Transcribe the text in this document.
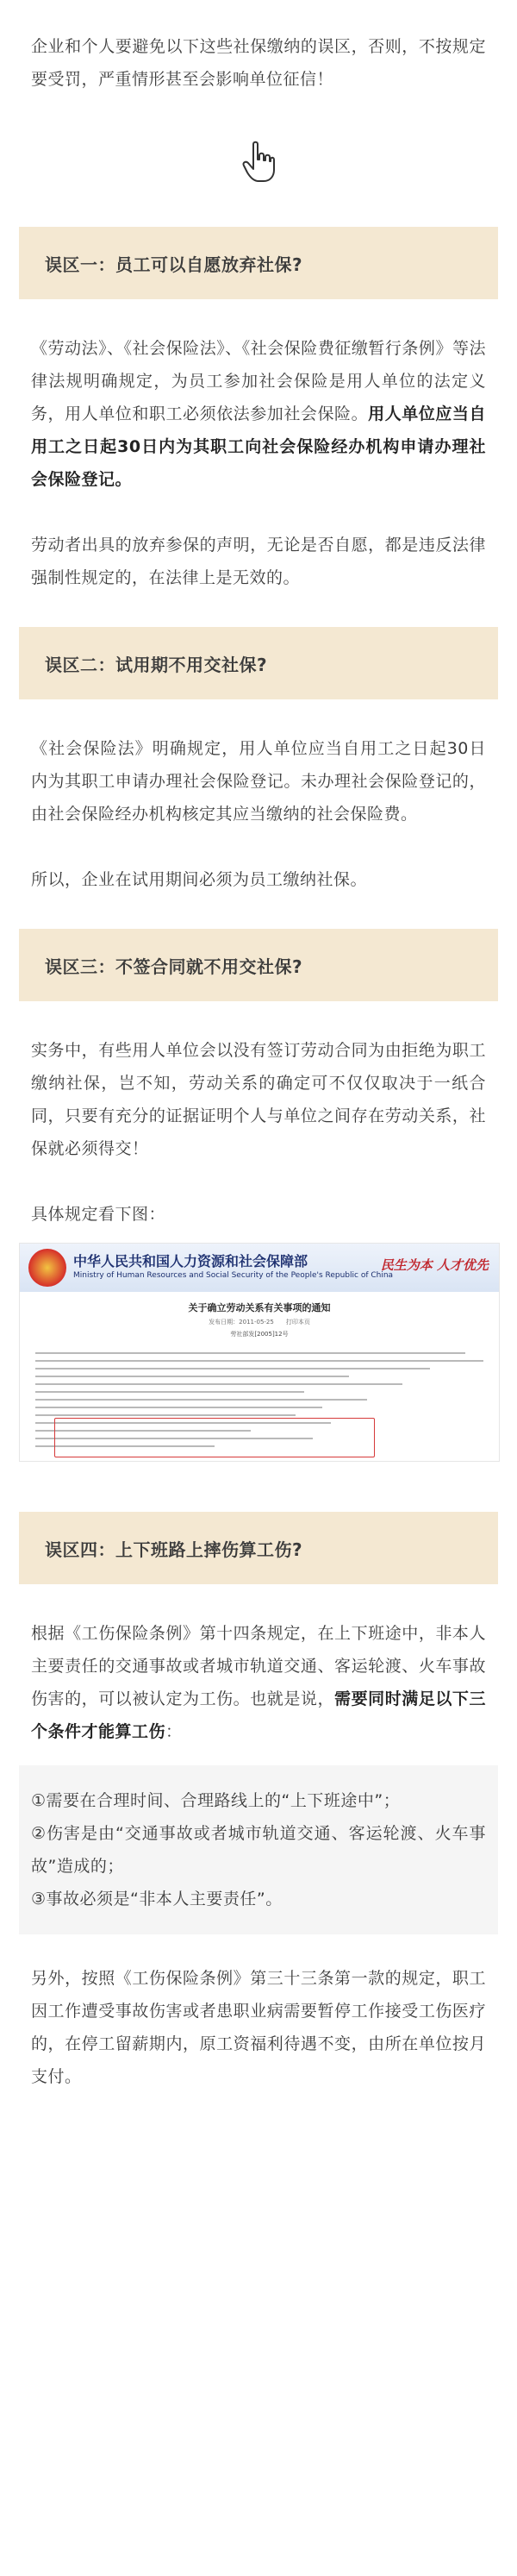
企业和个人要避免以下这些社保缴纳的误区，否则，不按规定要受罚，严重情形甚至会影响单位征信！

误区一：员工可以自愿放弃社保?

《劳动法》、《社会保险法》、《社会保险费征缴暂行条例》等法律法规明确规定，为员工参加社会保险是用人单位的法定义务，用人单位和职工必须依法参加社会保险。用人单位应当自用工之日起30日内为其职工向社会保险经办机构申请办理社会保险登记。

劳动者出具的放弃参保的声明，无论是否自愿，都是违反法律强制性规定的，在法律上是无效的。

误区二：试用期不用交社保?

《社会保险法》明确规定，用人单位应当自用工之日起30日内为其职工申请办理社会保险登记。未办理社会保险登记的，由社会保险经办机构核定其应当缴纳的社会保险费。

所以，企业在试用期间必须为员工缴纳社保。

误区三：不签合同就不用交社保?

实务中，有些用人单位会以没有签订劳动合同为由拒绝为职工缴纳社保，岂不知，劳动关系的确定可不仅仅取决于一纸合同，只要有充分的证据证明个人与单位之间存在劳动关系，社保就必须得交！

具体规定看下图：

中华人民共和国人力资源和社会保障部
Ministry of Human Resources and Social Security of the People's Republic of China
民生为本 人才优先
关于确立劳动关系有关事项的通知
发布日期：2011-05-25　　打印本页
劳社部发[2005]12号
误区四：上下班路上摔伤算工伤?

根据《工伤保险条例》第十四条规定，在上下班途中，非本人主要责任的交通事故或者城市轨道交通、客运轮渡、火车事故伤害的，可以被认定为工伤。也就是说，需要同时满足以下三个条件才能算工伤：

①需要在合理时间、合理路线上的“上下班途中”；
②伤害是由“交通事故或者城市轨道交通、客运轮渡、火车事故”造成的；
③事故必须是“非本人主要责任”。

另外，按照《工伤保险条例》第三十三条第一款的规定，职工因工作遭受事故伤害或者患职业病需要暂停工作接受工伤医疗的，在停工留薪期内，原工资福利待遇不变，由所在单位按月支付。
